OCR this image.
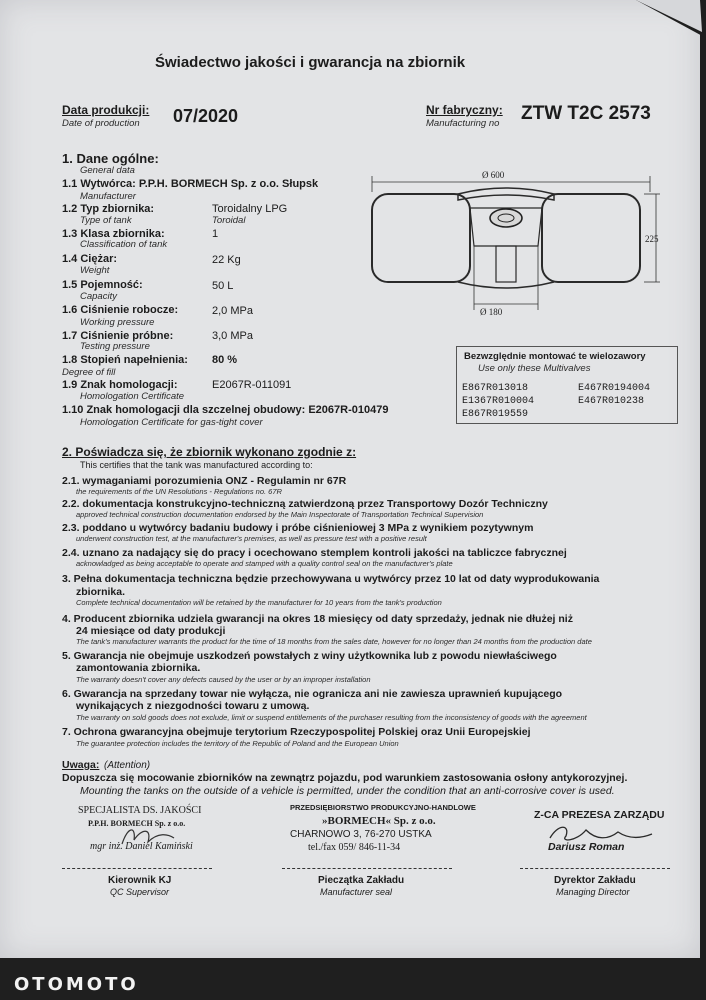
Świadectwo jakości i gwarancja na zbiornik
Data produkcji:
Date of production 07/2020	Nr fabryczny:
Manufacturing no ZTW T2C 2573
1. Dane ogólne:
General data
1.1 Wytwórca: P.P.H. BORMECH Sp. z o.o. Słupsk
Manufacturer
1.2 Typ zbiornika:
Type of tank
Toroidalny LPG
Toroidal
1.3 Klasa zbiornika:
Classification of tank
1
1.4 Ciężar:
Weight
22 Kg
1.5 Pojemność:
Capacity
50 L
1.6 Ciśnienie robocze:
Working pressure
2,0 MPa
1.7 Ciśnienie próbne:
Testing pressure
3,0 MPa
1.8 Stopień napełnienia:
Degree of fill
80 %
1.9 Znak homologacji:
Homologation Certificate
E2067R-011091
1.10 Znak homologacji dla szczelnej obudowy: E2067R-010479
Homologation Certificate for gas-tight cover
Ø 600
Ø 180
225
Bezwzględnie montować te wielozawory
Use only these Multivalves
E867R013018	E467R0194004
E1367R010004	E467R010238
E867R019559
2. Poświadcza się, że zbiornik wykonano zgodnie z:
This certifies that the tank was manufactured according to:
2.1. wymaganiami porozumienia ONZ - Regulamin nr 67R
the requirements of the UN Resolutions - Regulations no. 67R
2.2. dokumentacja konstrukcyjno-techniczną zatwierdzoną przez Transportowy Dozór Techniczny
approved technical construction documentation endorsed by the Main Inspectorate of Transportation Technical Supervision
2.3. poddano u wytwórcy badaniu budowy i próbe ciśnieniowej 3 MPa z wynikiem pozytywnym
underwent construction test, at the manufacturer's premises, as well as pressure test with a positive result
2.4. uznano za nadający się do pracy i ocechowano stemplem kontroli jakości na tabliczce fabrycznej
acknowladged as being acceptable to operate and stamped with a quality control seal on the manufacturer's plate
3. Pełna dokumentacja techniczna będzie przechowywana u wytwórcy przez 10 lat od daty wyprodukowania
zbiornika.
Complete technical documentation will be retained by the manufacturer for 10 years from the tank's production
4. Producent zbiornika udziela gwarancji na okres 18 miesięcy od daty sprzedaży, jednak nie dłużej niż
24 miesiące od daty produkcji
The tank's manufacturer warrants the product for the time of 18 months from the sales date, however for no longer than 24 months from the production date
5. Gwarancja nie obejmuje uszkodzeń powstałych z winy użytkownika lub z powodu niewłaściwego
zamontowania zbiornika.
The warranty doesn't cover any defects caused by the user or by an improper installation
6. Gwarancja na sprzedany towar nie wyłącza, nie ogranicza ani nie zawiesza uprawnień kupującego
wynikających z niezgodności towaru z umową.
The warranty on sold goods does not exclude, limit or suspend entitlements of the purchaser resulting from the inconsistency of goods with the agreement
7. Ochrona gwarancyjna obejmuje terytorium Rzeczypospolitej Polskiej oraz Unii Europejskiej
The guarantee protection includes the territory of the Republic of Poland and the European Union
Uwaga: (Attention)
Dopuszcza się mocowanie zbiorników na zewnątrz pojazdu, pod warunkiem zastosowania osłony antykorozyjnej.
Mounting the tanks on the outside of a vehicle is permitted, under the condition that an anti-corrosive cover is used.
SPECJALISTA DS. JAKOŚCI
P.P.H. BORMECH Sp. z o.o.
mgr inż. Daniel Kamiński
PRZEDSIĘBIORSTWO PRODUKCYJNO-HANDLOWE
»BORMECH« Sp. z o.o.
CHARNOWO 3, 76-270 USTKA
tel./fax 059/ 846-11-34
Z-CA PREZESA ZARZĄDU
Dariusz Roman
Kierownik KJ
QC Supervisor
Pieczątka Zakładu
Manufacturer seal
Dyrektor Zakładu
Managing Director
OTOMOTO
